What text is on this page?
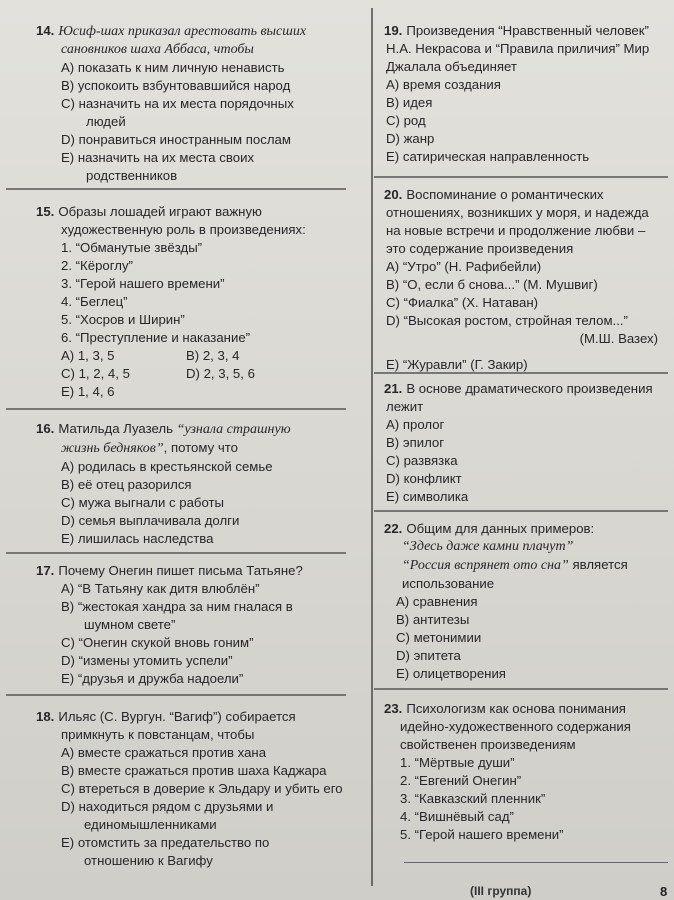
14. Юсиф-шах приказал арестовать высших
сановников шаха Аббаса, чтобы
A) показать к ним личную ненависть
B) успокоить взбунтовавшийся народ
C) назначить на их места порядочных
людей
D) понравиться иностранным послам
E) назначить на их места своих
родственников
15. Образы лошадей играют важную
художественную роль в произведениях:
1. “Обманутые звёзды”
2. “Кёроглу”
3. “Герой нашего времени”
4. “Беглец”
5. “Хосров и Ширин”
6. “Преступление и наказание”
A) 1, 3, 5	B) 2, 3, 4
C) 1, 2, 4, 5	D) 2, 3, 5, 6
E) 1, 4, 6
16. Матильда Луазель “узнала страшную
жизнь бедняков”, потому что
A) родилась в крестьянской семье
B) её отец разорился
C) мужа выгнали с работы
D) семья выплачивала долги
E) лишилась наследства
17. Почему Онегин пишет письма Татьяне?
A) “В Татьяну как дитя влюблён”
B) “жестокая хандра за ним гналася в
шумном свете”
C) “Онегин скукой вновь гоним”
D) “измены утомить успели”
E) “друзья и дружба надоели”
18. Ильяс (С. Вургун. “Вагиф”) собирается
примкнуть к повстанцам, чтобы
A) вместе сражаться против хана
B) вместе сражаться против шаха Каджара
C) втереться в доверие к Эльдару и убить его
D) находиться рядом с друзьями и
единомышленниками
E) отомстить за предательство по
отношению к Вагифу
19. Произведения “Нравственный человек”
Н.А. Некрасова и “Правила приличия” Мир
Джалала объединяет
A) время создания
B) идея
C) род
D) жанр
E) сатирическая направленность
20. Воспоминание о романтических
отношениях, возникших у моря, и надежда
на новые встречи и продолжение любви –
это содержание произведения
A) “Утро” (Н. Рафибейли)
B) “О, если б снова...” (М. Мушвиг)
C) “Фиалка” (Х. Натаван)
D) “Высокая ростом, стройная телом...”
(М.Ш. Вазех)
E) “Журавли” (Г. Закир)
21. В основе драматического произведения
лежит
A) пролог
B) эпилог
C) развязка
D) конфликт
E) символика
22. Общим для данных примеров:
“Здесь даже камни плачут”
“Россия вспрянет ото сна” является
использование
A) сравнения
B) антитезы
C) метонимии
D) эпитета
E) олицетворения
23. Психологизм как основа понимания
идейно-художественного содержания
свойственен произведениям
1. “Мёртвые души”
2. “Евгений Онегин”
3. “Кавказский пленник”
4. “Вишнёвый сад”
5. “Герой нашего времени”
(III группа)	8
